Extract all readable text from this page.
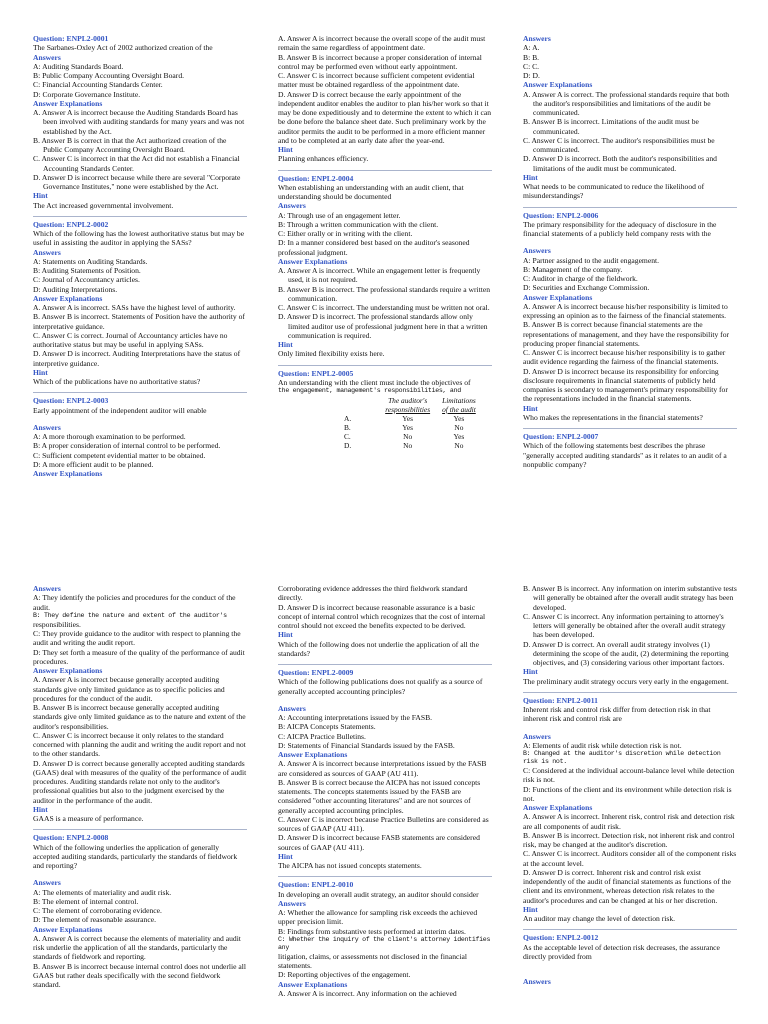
Question: ENPL2-0001

The Sarbanes-Oxley Act of 2002 authorized creation of the

Answers

A: Auditing Standards Board.

B: Public Company Accounting Oversight Board.

C: Financial Accounting Standards Center.

D: Corporate Governance Institute.

Answer Explanations

A. Answer A is incorrect because the Auditing Standards Board has been involved with auditing standards for many years and was not established by the Act.

B. Answer B is correct in that the Act authorized creation of the Public Company Accounting Oversight Board.

C. Answer C is incorrect in that the Act did not establish a Financial Accounting Standards Center.

D. Answer D is incorrect because while there are several "Corporate Governance Institutes," none were established by the Act.

Hint

The Act increased governmental involvement.

Question: ENPL2-0002

Which of the following has the lowest authoritative status but may be useful in assisting the auditor in applying the SASs?

Answers

A: Statements on Auditing Standards.

B: Auditing Statements of Position.

C: Journal of Accountancy articles.

D: Auditing Interpretations.

Answer Explanations

A. Answer A is incorrect. SASs have the highest level of authority.

B. Answer B is incorrect. Statements of Position have the authority of interpretative guidance.

C. Answer C is correct. Journal of Accountancy articles have no authoritative status but may be useful in applying SASs.

D. Answer D is incorrect. Auditing Interpretations have the status of interpretive guidance.

Hint

Which of the publications have no authoritative status?

Question: ENPL2-0003

Early appointment of the independent auditor will enable

Answers

A: A more thorough examination to be performed.

B: A proper consideration of internal control to be performed.

C: Sufficient competent evidential matter to be obtained.

D: A more efficient audit to be planned.

Answer Explanations

A. Answer A is incorrect because the overall scope of the audit must remain the same regardless of appointment date.

B. Answer B is incorrect because a proper consideration of internal control may be performed even without early appointment.

C. Answer C is incorrect because sufficient competent evidential matter must be obtained regardless of the appointment date.

D. Answer D is correct because the early appointment of the independent auditor enables the auditor to plan his/her work so that it may be done expeditiously and to determine the extent to which it can be done before the balance sheet date. Such preliminary work by the auditor permits the audit to be performed in a more efficient manner and to be completed at an early date after the year-end.

Hint

Planning enhances efficiency.

Question: ENPL2-0004

When establishing an understanding with an audit client, that understanding should be documented

Answers

A: Through use of an engagement letter.

B: Through a written communication with the client.

C: Either orally or in writing with the client.

D: In a manner considered best based on the auditor's seasoned professional judgment.

Answer Explanations

A. Answer A is incorrect. While an engagement letter is frequently used, it is not required.

B. Answer B is incorrect. The professional standards require a written communication.

C. Answer C is incorrect. The understanding must be written not oral.

D. Answer D is incorrect. The professional standards allow only limited auditor use of professional judgment here in that a written communication is required.

Hint

Only limited flexibility exists here.

Question: ENPL2-0005

An understanding with the client must include the objectives of

the engagement, management's responsibilities, and

	The auditor's
responsibilities	Limitations
of the audit
A.	Yes	Yes
B.	Yes	No
C.	No	Yes
D.	No	No

Answers

A: A.

B: B.

C: C.

D: D.

Answer Explanations

A. Answer A is correct. The professional standards require that both the auditor's responsibilities and limitations of the audit be communicated.

B. Answer B is incorrect. Limitations of the audit must be communicated.

C. Answer C is incorrect. The auditor's responsibilities must be communicated.

D. Answer D is incorrect. Both the auditor's responsibilities and limitations of the audit must be communicated.

Hint

What needs to be communicated to reduce the likelihood of misunderstandings?

Question: ENPL2-0006

The primary responsibility for the adequacy of disclosure in the financial statements of a publicly held company rests with the

Answers

A: Partner assigned to the audit engagement.

B: Management of the company.

C: Auditor in charge of the fieldwork.

D: Securities and Exchange Commission.

Answer Explanations

A. Answer A is incorrect because his/her responsibility is limited to expressing an opinion as to the fairness of the financial statements.

B. Answer B is correct because financial statements are the representations of management, and they have the responsibility for producing proper financial statements.

C. Answer C is incorrect because his/her responsibility is to gather audit evidence regarding the fairness of the financial statements.

D. Answer D is incorrect because its responsibility for enforcing disclosure requirements in financial statements of publicly held companies is secondary to management's primary responsibility for the representations included in the financial statements.

Hint

Who makes the representations in the financial statements?

Question: ENPL2-0007

Which of the following statements best describes the phrase "generally accepted auditing standards" as it relates to an audit of a nonpublic company?

Answers

A: They identify the policies and procedures for the conduct of the audit.

B: They define the nature and extent of the auditor's

responsibilities.

C: They provide guidance to the auditor with respect to planning the audit and writing the audit report.

D: They set forth a measure of the quality of the performance of audit procedures.

Answer Explanations

A. Answer A is incorrect because generally accepted auditing standards give only limited guidance as to specific policies and procedures for the conduct of the audit.

B. Answer B is incorrect because generally accepted auditing standards give only limited guidance as to the nature and extent of the auditor's responsibilities.

C. Answer C is incorrect because it only relates to the standard concerned with planning the audit and writing the audit report and not to the other standards.

D. Answer D is correct because generally accepted auditing standards (GAAS) deal with measures of the quality of the performance of audit procedures. Auditing standards relate not only to the auditor's professional qualities but also to the judgment exercised by the auditor in the performance of the audit.

Hint

GAAS is a measure of performance.

Question: ENPL2-0008

Which of the following underlies the application of generally accepted auditing standards, particularly the standards of fieldwork and reporting?

Answers

A: The elements of materiality and audit risk.

B: The element of internal control.

C: The element of corroborating evidence.

D: The element of reasonable assurance.

Answer Explanations

A. Answer A is correct because the elements of materiality and audit risk underlie the application of all the standards, particularly the standards of fieldwork and reporting.

B. Answer B is incorrect because internal control does not underlie all GAAS but rather deals specifically with the second fieldwork standard.

Corroborating evidence addresses the third fieldwork standard directly.

D. Answer D is incorrect because reasonable assurance is a basic concept of internal control which recognizes that the cost of internal control should not exceed the benefits expected to be derived.

Hint

Which of the following does not underlie the application of all the standards?

Question: ENPL2-0009

Which of the following publications does not qualify as a source of generally accepted accounting principles?

Answers

A: Accounting interpretations issued by the FASB.

B: AICPA Concepts Statements.

C: AICPA Practice Bulletins.

D: Statements of Financial Standards issued by the FASB.

Answer Explanations

A. Answer A is incorrect because interpretations issued by the FASB are considered as sources of GAAP (AU 411).

B. Answer B is correct because the AICPA has not issued concepts statements. The concepts statements issued by the FASB are considered "other accounting literatures" and are not sources of generally accepted accounting principles.

C. Answer C is incorrect because Practice Bulletins are considered as sources of GAAP (AU 411).

D. Answer D is incorrect because FASB statements are considered sources of GAAP (AU 411).

Hint

The AICPA has not issued concepts statements.

Question: ENPL2-0010

In developing an overall audit strategy, an auditor should consider

Answers

A: Whether the allowance for sampling risk exceeds the achieved upper precision limit.

B: Findings from substantive tests performed at interim dates.

C: Whether the inquiry of the client's attorney identifies any

litigation, claims, or assessments not disclosed in the financial statements.

D: Reporting objectives of the engagement.

Answer Explanations

A. Answer A is incorrect. Any information on the achieved

B. Answer B is incorrect. Any information on interim substantive tests will generally be obtained after the overall audit strategy has been developed.

C. Answer C is incorrect. Any information pertaining to attorney's letters will generally be obtained after the overall audit strategy has been developed.

D. Answer D is correct. An overall audit strategy involves (1) determining the scope of the audit, (2) determining the reporting objectives, and (3) considering various other important factors.

Hint

The preliminary audit strategy occurs very early in the engagement.

Question: ENPL2-0011

Inherent risk and control risk differ from detection risk in that inherent risk and control risk are

Answers

A: Elements of audit risk while detection risk is not.

B: Changed at the auditor's discretion while detection risk is not.

C: Considered at the individual account-balance level while detection risk is not.

D: Functions of the client and its environment while detection risk is not.

Answer Explanations

A. Answer A is incorrect. Inherent risk, control risk and detection risk are all components of audit risk.

B. Answer B is incorrect. Detection risk, not inherent risk and control risk, may be changed at the auditor's discretion.

C. Answer C is incorrect. Auditors consider all of the component risks at the account level.

D. Answer D is correct. Inherent risk and control risk exist independently of the audit of financial statements as functions of the client and its environment, whereas detection risk relates to the auditor's procedures and can be changed at his or her discretion.

Hint

An auditor may change the level of detection risk.

Question: ENPL2-0012

As the acceptable level of detection risk decreases, the assurance directly provided from

Answers
